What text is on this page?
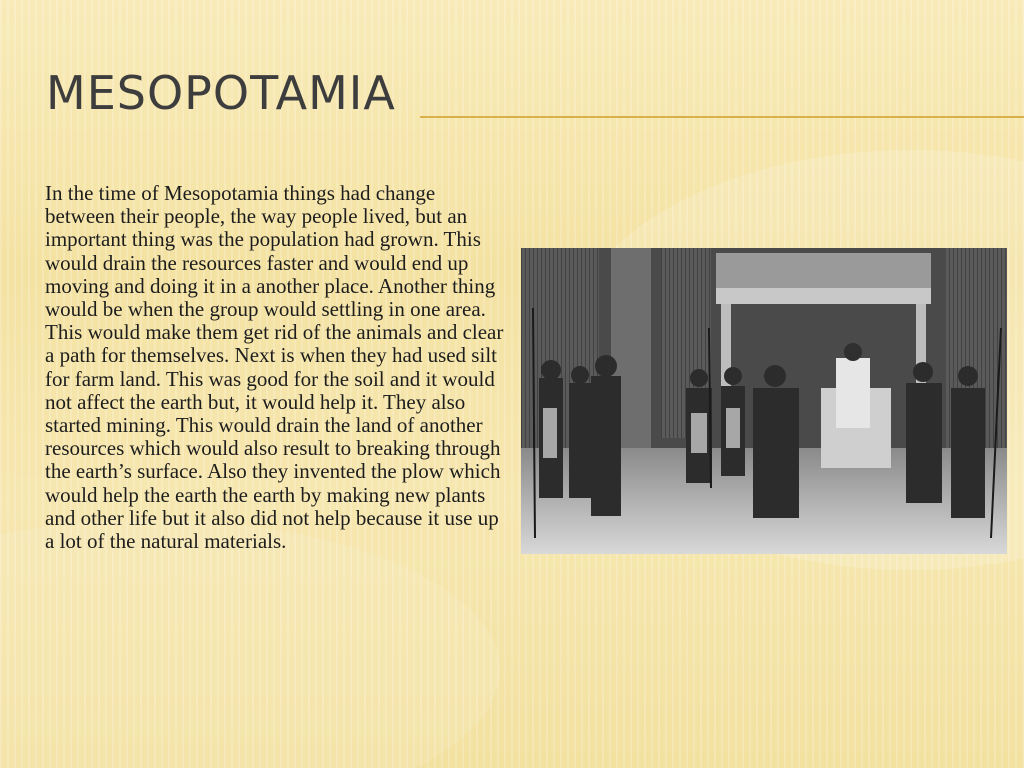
MESOPOTAMIA

In the time of Mesopotamia things had change between their people, the way people lived, but an important thing was the population had grown. This would drain the resources faster and would end up moving and doing it in a another place. Another thing would be when the group would settling in one area. This would make them get rid of the animals and clear a path for themselves. Next is when they had used silt for farm land. This was good for the soil and it would not affect the earth but, it would help it. They also started mining. This would drain the land of another resources which would also result to breaking through the earth’s surface. Also they invented the plow which would help the earth the earth by making new plants and other life but it also did not help because it use up a lot of the natural materials.
